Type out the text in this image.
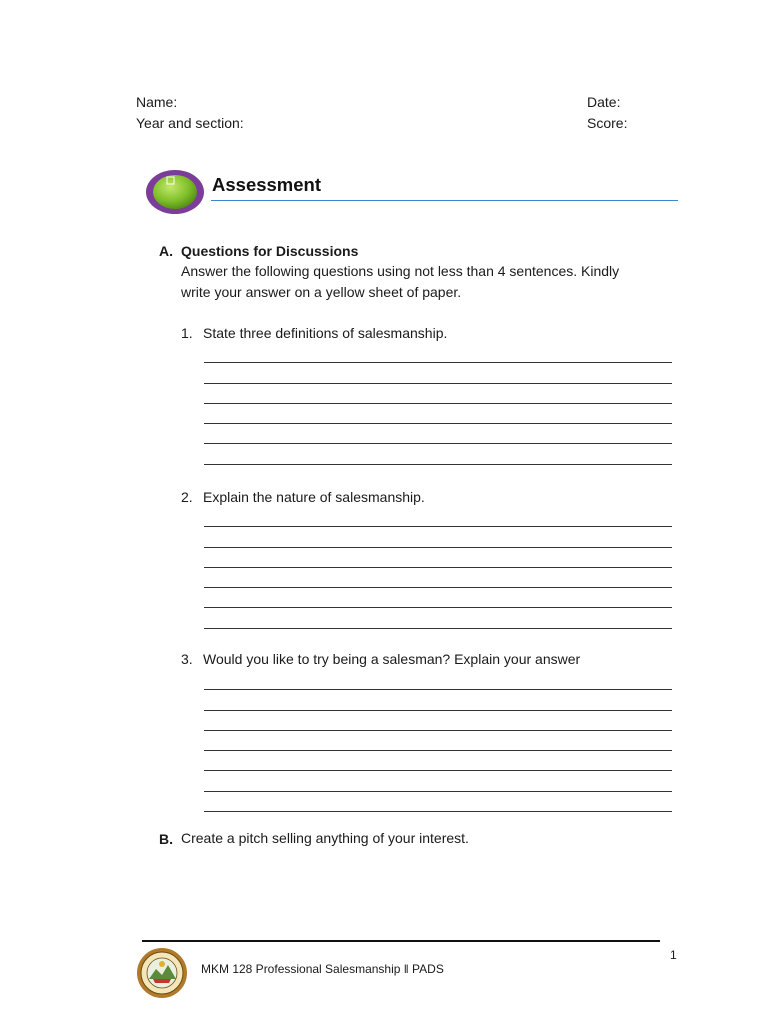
Name:
Year and section:
Date:
Score:
Assessment
A. Questions for Discussions
Answer the following questions using not less than 4 sentences. Kindly
write your answer on a yellow sheet of paper.
1. State three definitions of salesmanship.
2. Explain the nature of salesmanship.
3. Would you like to try being a salesman? Explain your answer
B. Create a pitch selling anything of your interest.
1
MKM 128 Professional Salesmanship ‖ PADS
